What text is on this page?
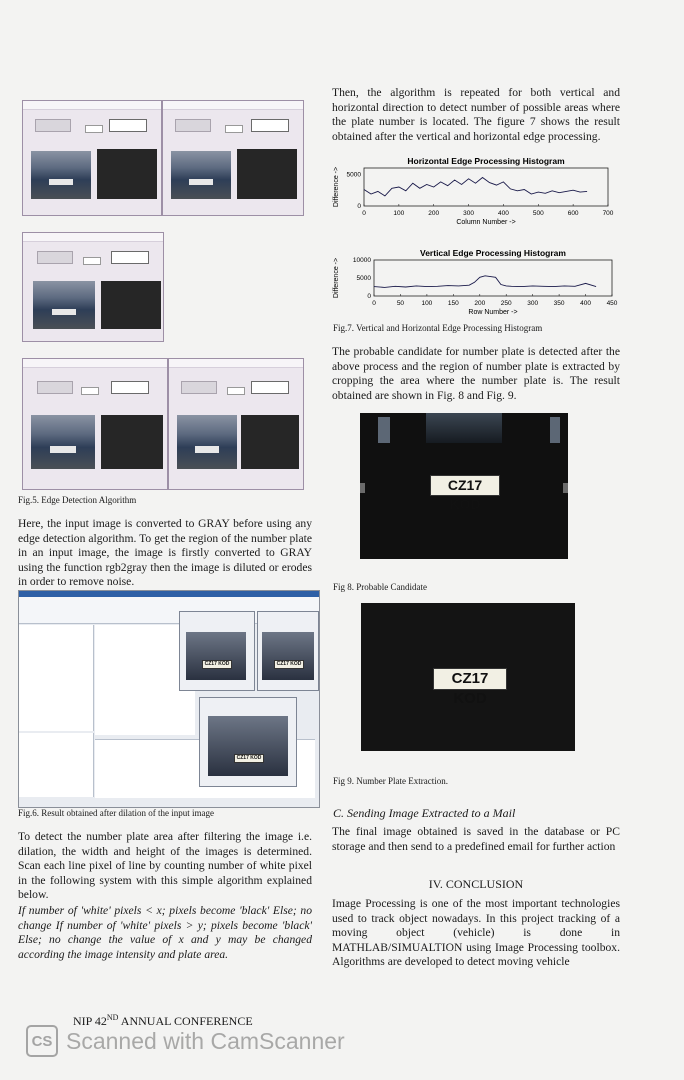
Fig.5. Edge Detection Algorithm
Here, the input image is converted to GRAY before using any edge detection algorithm. To get the region of the number plate in an input image, the image is firstly converted to GRAY using the function rgb2gray then the image is diluted or erodes in order to remove noise.
CZ17 KOD	CZ17 KOD
CZ17 KOD
Fig.6. Result obtained after dilation of the input image
To detect the number plate area after filtering the image i.e. dilation, the width and height of the images is determined. Scan each line pixel of line by counting number of white pixel in the following system with this simple algorithm explained below.
If number of 'white' pixels < x; pixels become 'black' Else; no change If number of 'white' pixels > y; pixels become 'black' Else; no change the value of x and y may be changed according the image intensity and plate area.
Then, the algorithm is repeated for both vertical and horizontal direction to detect number of possible areas where the plate number is located. The figure 7 shows the result obtained after the vertical and horizontal edge processing.
Horizontal Edge Processing Histogram
0	100	200	300	400	500	600	700
0
5000
Column Number ->
Difference ->
Vertical Edge Processing Histogram
0	50	100 150 200 250 300 350 400 450
0
5000
10000
Row Number ->
Difference ->
Fig.7. Vertical and Horizontal Edge Processing Histogram
The probable candidate for number plate is detected after the above process and the region of number plate is extracted by cropping the area where the number plate is. The result obtained are shown in Fig. 8 and Fig. 9.
CZ17 KOD
Fig 8. Probable Candidate
CZ17 KOD
Fig 9. Number Plate Extraction.
C. Sending Image Extracted to a Mail
The final image obtained is saved in the database or PC storage and then send to a predefined email for further action
IV. CONCLUSION
Image Processing is one of the most important technologies used to track object nowadays. In this project tracking of a moving object (vehicle) is done in MATHLAB/SIMUALTION using Image Processing toolbox. Algorithms are developed to detect moving vehicle
NIP 42ND ANNUAL CONFERENCE
CS Scanned with CamScanner
